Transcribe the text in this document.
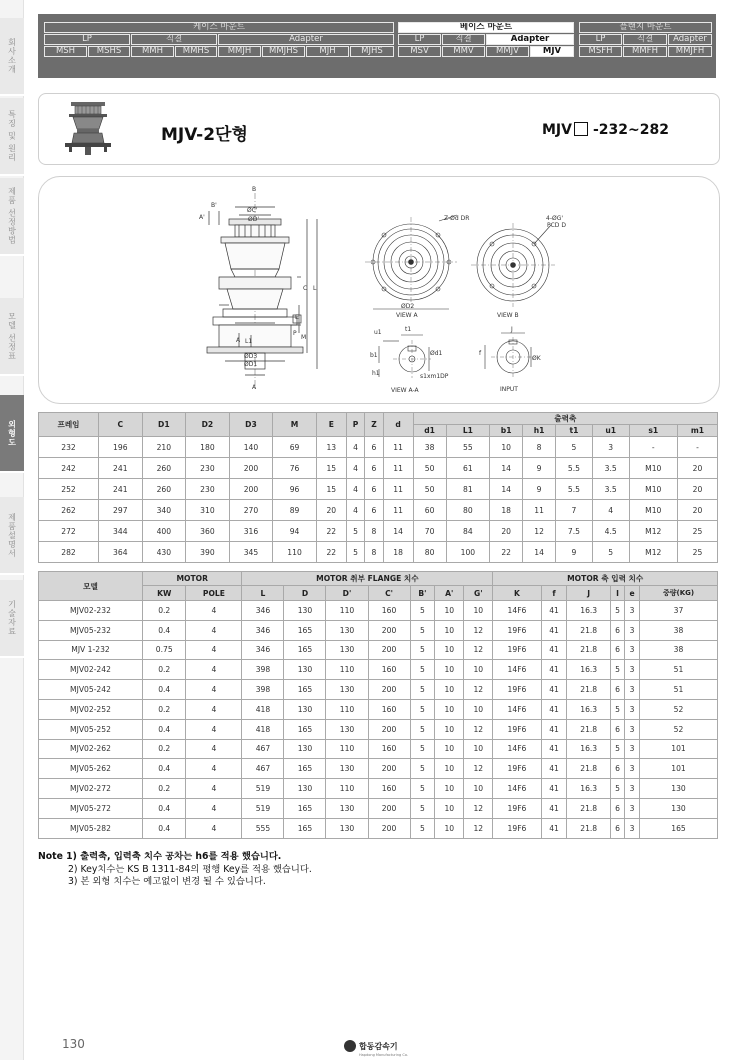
회사소개
특징 및 원리
제품 선정방법
모델 선정표
외형도
제품설명서
기술자료
케이스 마운트	베이스 마운트	플랜지 마운트
LP	직결	Adapter	LP	직결	Adapter	LP	직결	Adapter
MSH	MSHS	MMH	MMHS	MMJH	MMJHS	MJH	MJHS	MSV	MMV	MMJV	MJV	MSFH	MMFH	MMJFH
MJV-2단형	MJV -232~282
B
ØC'
ØD'
A'
B'
C L
E
P
M
A L1
ØD3
ØD1
A
Z-Ød DR	4-ØG'
PCD D
ØD2
VIEW A	VIEW B
u1	t1
b1	Ød1
h1	s1xm1DP
VIEW A-A
J
INPUT
f
ØK
프레임	C	D1	D2	D3	M	E	P	Z	d	출력축							
										d1	L1	b1	h1	t1	u1	s1	m1
232	196	210	180	140	69	13	4	6	11	38	55	10	8	5	3	-	-
242	241	260	230	200	76	15	4	6	11	50	61	14	9	5.5	3.5	M10	20
252	241	260	230	200	96	15	4	6	11	50	81	14	9	5.5	3.5	M10	20
262	297	340	310	270	89	20	4	6	11	60	80	18	11	7	4	M10	20
272	344	400	360	316	94	22	5	8	14	70	84	20	12	7.5	4.5	M12	25
282	364	430	390	345	110	22	5	8	18	80	100	22	14	9	5	M12	25
모델	MOTOR		MOTOR 취부 FLANGE 치수							MOTOR 축 입력 치수					
	KW	POLE	L	D	D'	C'	B'	A'	G'	K	f	J	I	e	중량(KG)
MJV02-232	0.2	4	346	130	110	160	5	10	10	14F6	41	16.3	5	3	37
MJV05-232	0.4	4	346	165	130	200	5	10	12	19F6	41	21.8	6	3	38
MJV 1-232	0.75	4	346	165	130	200	5	10	12	19F6	41	21.8	6	3	38
MJV02-242	0.2	4	398	130	110	160	5	10	10	14F6	41	16.3	5	3	51
MJV05-242	0.4	4	398	165	130	200	5	10	12	19F6	41	21.8	6	3	51
MJV02-252	0.2	4	418	130	110	160	5	10	10	14F6	41	16.3	5	3	52
MJV05-252	0.4	4	418	165	130	200	5	10	12	19F6	41	21.8	6	3	52
MJV02-262	0.2	4	467	130	110	160	5	10	10	14F6	41	16.3	5	3	101
MJV05-262	0.4	4	467	165	130	200	5	10	12	19F6	41	21.8	6	3	101
MJV02-272	0.2	4	519	130	110	160	5	10	10	14F6	41	16.3	5	3	130
MJV05-272	0.4	4	519	165	130	200	5	10	12	19F6	41	21.8	6	3	130
MJV05-282	0.4	4	555	165	130	200	5	10	12	19F6	41	21.8	6	3	165
Note 1) 출력축, 입력축 치수 공차는 h6를 적용 했습니다.
2) Key치수는 KS B 1311-84의 평행 Key를 적용 했습니다.
3) 본 외형 치수는 예고없이 변경 될 수 있습니다.
130	합동감속기
Hapdong Manufacturing Co.
